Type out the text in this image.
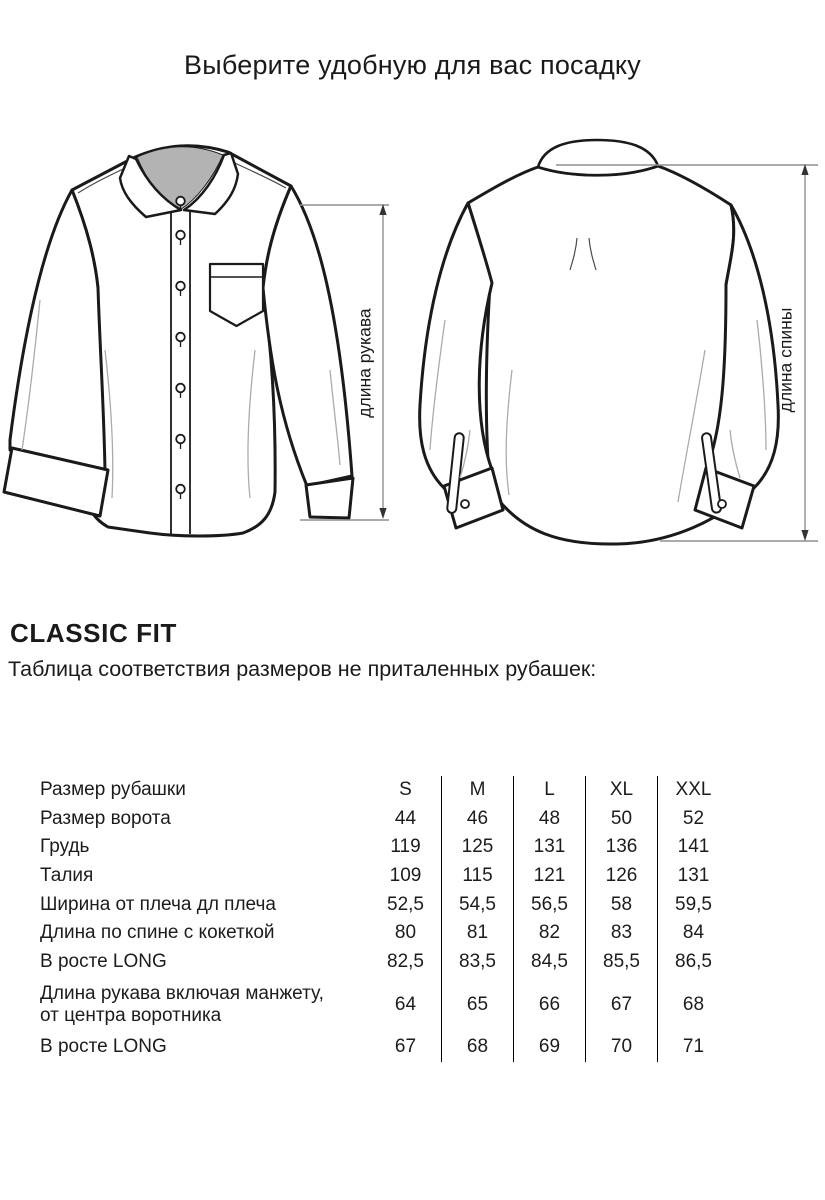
Выберите удобную для вас посадку
длина рукава	длина спины
CLASSIC FIT

Таблица соответствия размеров не приталенных рубашек:

Размер рубашки	S	M	L	XL	XXL

Размер ворота	44	46	48	50	52

Грудь	119	125	131	136	141

Талия	109	115	121	126	131

Ширина от плеча дл плеча	52,5	54,5	56,5	58	59,5

Длина по спине с кокеткой	80	81	82	83	84

В росте LONG	82,5	83,5	84,5	85,5	86,5

Длина рукава включая манжету,
от центра воротника	64	65	66	67	68

В росте LONG	67	68	69	70	71
